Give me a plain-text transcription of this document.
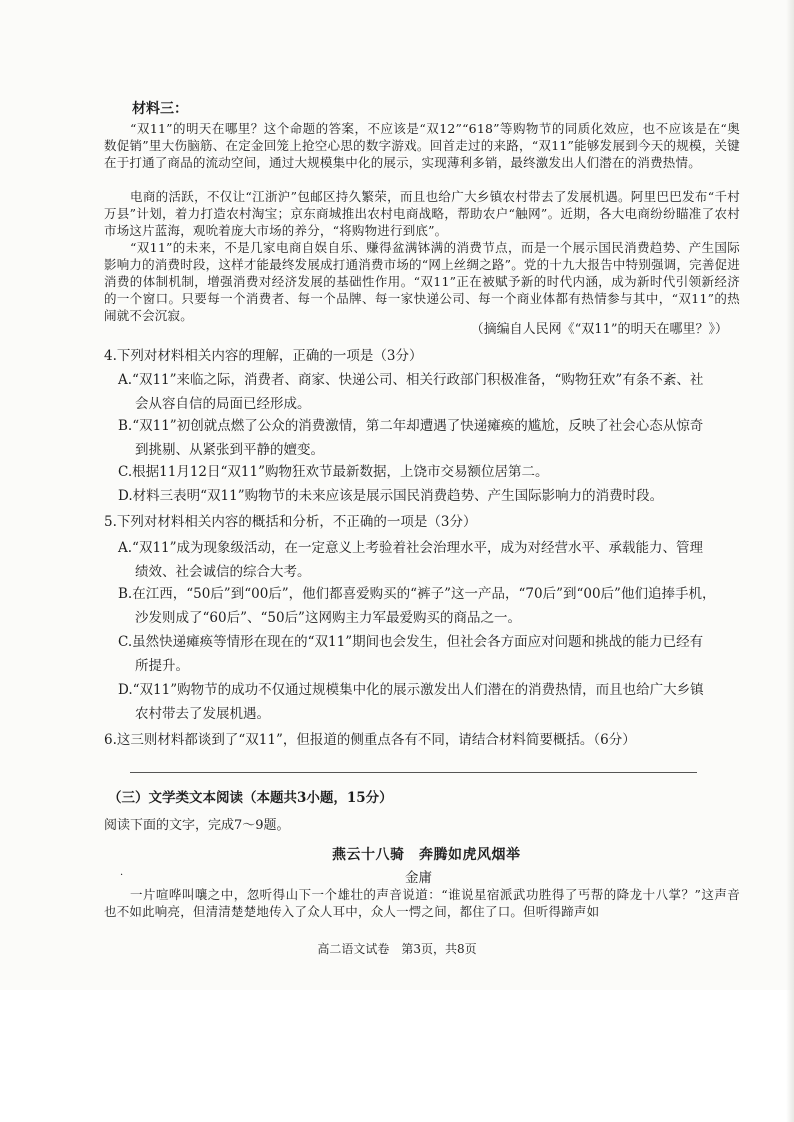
材料三：
“双11”的明天在哪里？这个命题的答案，不应该是“双12”“618”等购物节的同质化效应，也不应该是在“奥数促销”里大伤脑筋、在定金回笼上抢空心思的数字游戏。回首走过的来路，“双11”能够发展到今天的规模，关键在于打通了商品的流动空间，通过大规模集中化的展示，实现薄利多销，最终激发出人们潜在的消费热情。
电商的活跃，不仅让“江浙沪”包邮区持久繁荣，而且也给广大乡镇农村带去了发展机遇。阿里巴巴发布“千村万县”计划，着力打造农村淘宝；京东商城推出农村电商战略，帮助农户“触网”。近期，各大电商纷纷瞄准了农村市场这片蓝海，观吮着庞大市场的养分，“将购物进行到底”。
“双11”的未来，不是几家电商自娱自乐、赚得盆满钵满的消费节点，而是一个展示国民消费趋势、产生国际影响力的消费时段，这样才能最终发展成打通消费市场的“网上丝绸之路”。党的十九大报告中特别强调，完善促进消费的体制机制，增强消费对经济发展的基础性作用。“双11”正在被赋予新的时代内涵，成为新时代引领新经济的一个窗口。只要每一个消费者、每一个品牌、每一家快递公司、每一个商业体都有热情参与其中，“双11”的热闹就不会沉寂。
（摘编自人民网《“双11”的明天在哪里？》）
4.下列对材料相关内容的理解，正确的一项是（3分）
A.“双11”来临之际，消费者、商家、快递公司、相关行政部门积极准备，“购物狂欢”有条不紊、社
会从容自信的局面已经形成。
B.“双11”初创就点燃了公众的消费激情，第二年却遭遇了快递瘫痪的尴尬，反映了社会心态从惊奇
到挑剔、从紧张到平静的嬗变。
C.根据11月12日“双11”购物狂欢节最新数据，上饶市交易额位居第二。
D.材料三表明“双11”购物节的未来应该是展示国民消费趋势、产生国际影响力的消费时段。
5.下列对材料相关内容的概括和分析，不正确的一项是（3分）
A.“双11”成为现象级活动，在一定意义上考验着社会治理水平，成为对经营水平、承载能力、管理
绩效、社会诚信的综合大考。
B.在江西，“50后”到“00后”，他们都喜爱购买的“裤子”这一产品，“70后”到“00后”他们追捧手机，
沙发则成了“60后”、“50后”这网购主力军最爱购买的商品之一。
C.虽然快递瘫痪等情形在现在的“双11”期间也会发生，但社会各方面应对问题和挑战的能力已经有
所提升。
D.“双11”购物节的成功不仅通过规模集中化的展示激发出人们潜在的消费热情，而且也给广大乡镇
农村带去了发展机遇。
6.这三则材料都谈到了“双11”，但报道的侧重点各有不同，请结合材料简要概括。（6分）
（三）文学类文本阅读（本题共3小题，15分）
阅读下面的文字，完成7～9题。
燕云十八骑　奔腾如虎风烟举
·	金庸
一片喧哗叫嚷之中，忽听得山下一个雄壮的声音说道：“谁说星宿派武功胜得了丐帮的降龙十八掌？”这声音也不如此响亮，但清清楚楚地传入了众人耳中，众人一愕之间，都住了口。但听得蹄声如
高二语文试卷　第3页，共8页
